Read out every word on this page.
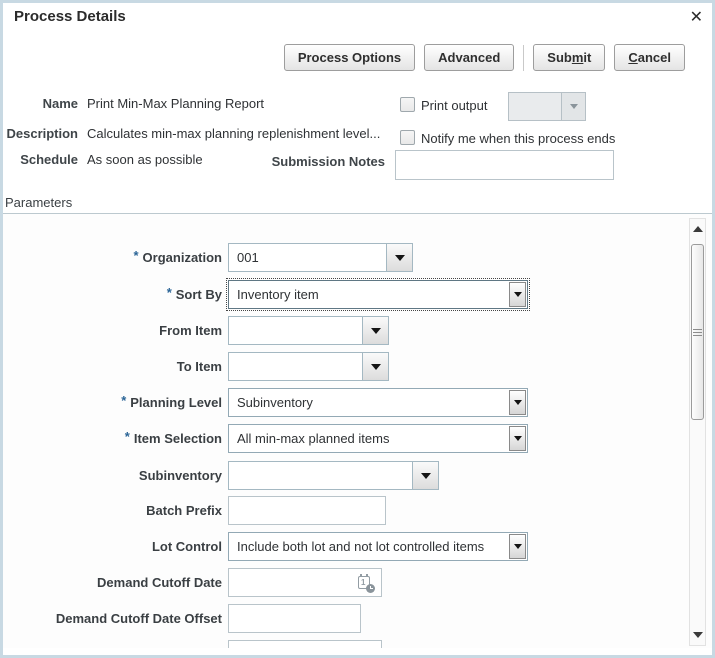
Process Details	✕
Process Options	Advanced	Sub m it	C ancel
Name Print Min-Max Planning Report
Description Calculates min-max planning replenishment level...
Schedule As soon as possible
Print output
Notify me when this process ends
Submission Notes
Parameters
* Organization	001
* Sort By	Inventory item
From Item
To Item
* Planning Level	Subinventory
* Item Selection	All min-max planned items
Subinventory
Batch Prefix
Lot Control	Include both lot and not lot controlled items
Demand Cutoff Date	1
Demand Cutoff Date Offset
